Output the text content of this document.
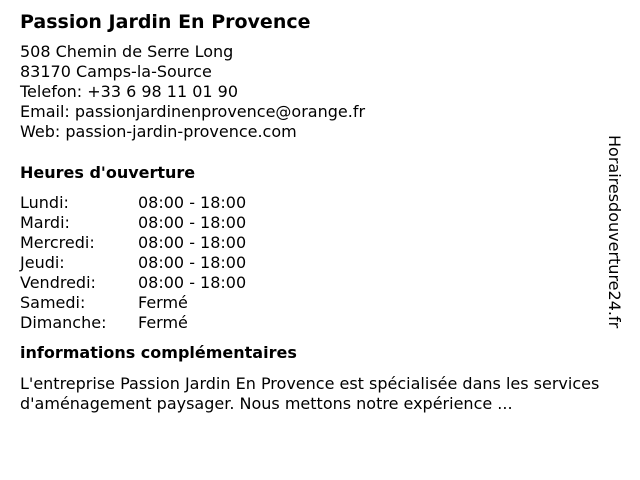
Passion Jardin En Provence
508 Chemin de Serre Long
83170 Camps-la-Source
Telefon: +33 6 98 11 01 90
Email: passionjardinenprovence@orange.fr
Web: passion-jardin-provence.com
Heures d'ouverture
Lundi:	08:00 - 18:00
Mardi:	08:00 - 18:00
Mercredi:	08:00 - 18:00
Jeudi:	08:00 - 18:00
Vendredi:	08:00 - 18:00
Samedi:	Fermé
Dimanche:	Fermé
informations complémentaires
L'entreprise Passion Jardin En Provence est spécialisée dans les services d'aménagement paysager. Nous mettons notre expérience ...
Horairesdouverture24.fr
